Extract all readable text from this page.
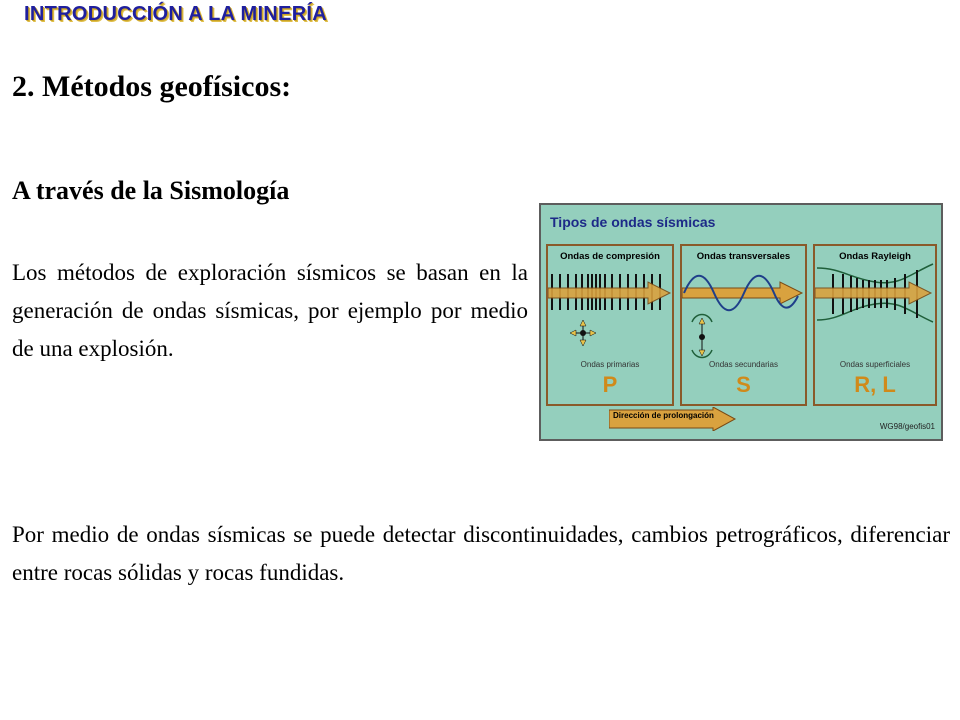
INTRODUCCIÓN A LA MINERÍA
2. Métodos geofísicos:
A través de la Sismología
Los métodos de exploración sísmicos se basan en la generación de ondas sísmicas, por ejemplo por medio de una explosión.
Tipos de ondas sísmicas
Ondas de compresión
Ondas primarias
P
Ondas transversales
Ondas secundarias
S
Ondas Rayleigh
Ondas superficiales
R, L
Dirección de prolongación
WG98/geofis01
Por medio de ondas sísmicas se puede detectar discontinuidades, cambios petrográficos, diferenciar entre rocas sólidas y rocas fundidas.
